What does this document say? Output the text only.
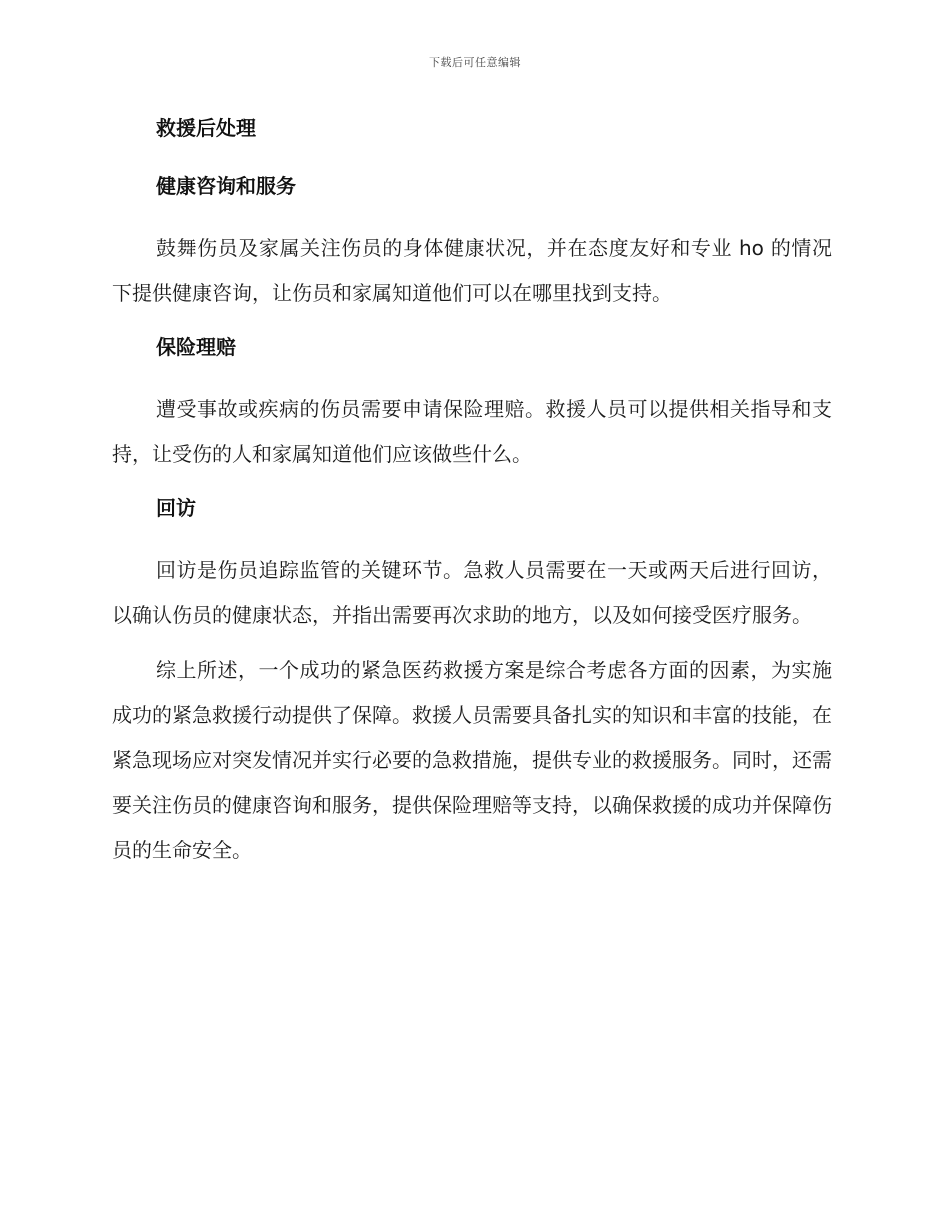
下载后可任意编辑
救援后处理
健康咨询和服务

鼓舞伤员及家属关注伤员的身体健康状况，并在态度友好和专业 ho 的情况下提供健康咨询，让伤员和家属知道他们可以在哪里找到支持。

保险理赔

遭受事故或疾病的伤员需要申请保险理赔。救援人员可以提供相关指导和支持，让受伤的人和家属知道他们应该做些什么。

回访

回访是伤员追踪监管的关键环节。急救人员需要在一天或两天后进行回访，以确认伤员的健康状态，并指出需要再次求助的地方，以及如何接受医疗服务。

综上所述，一个成功的紧急医药救援方案是综合考虑各方面的因素，为实施成功的紧急救援行动提供了保障。救援人员需要具备扎实的知识和丰富的技能，在紧急现场应对突发情况并实行必要的急救措施，提供专业的救援服务。同时，还需要关注伤员的健康咨询和服务，提供保险理赔等支持，以确保救援的成功并保障伤员的生命安全。
